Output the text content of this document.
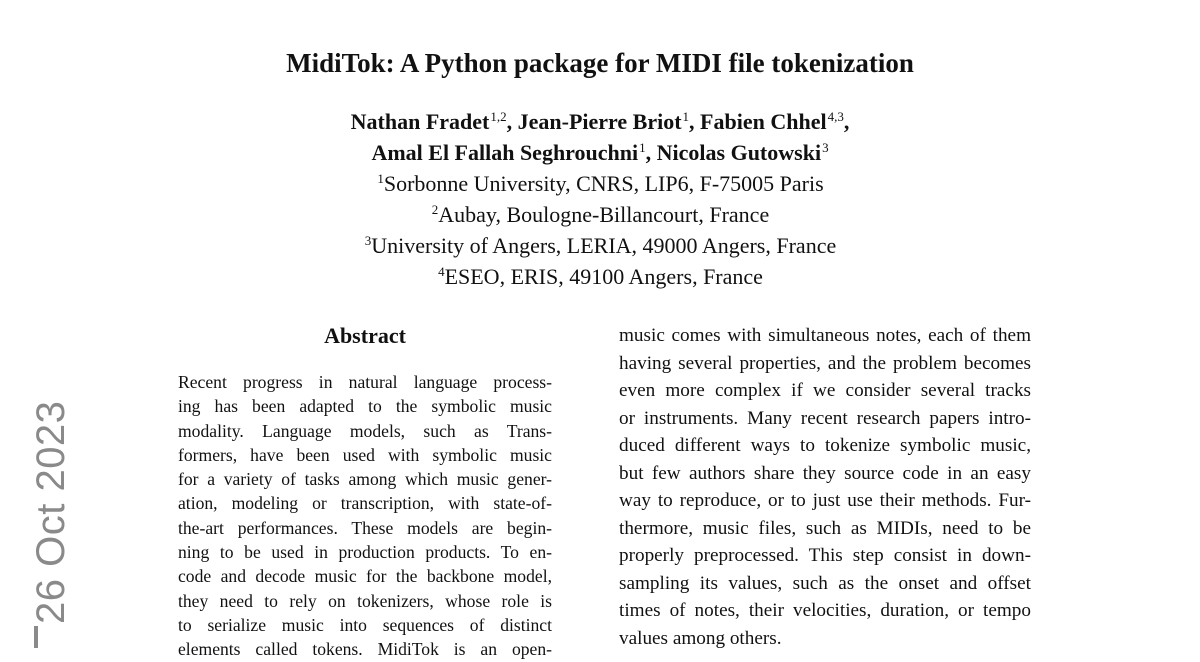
26 Oct 2023
MidiTok: A Python package for MIDI file tokenization
Nathan Fradet$^{1,2}$, Jean-Pierre Briot$^1$, Fabien Chhel$^{4,3}$,
Amal El Fallah Seghrouchni$^1$, Nicolas Gutowski$^3$
$^1$Sorbonne University, CNRS, LIP6, F-75005 Paris
$^2$Aubay, Boulogne-Billancourt, France
$^3$University of Angers, LERIA, 49000 Angers, France
$^4$ESEO, ERIS, 49100 Angers, France
Abstract
Recent progress in natural language process-
ing has been adapted to the symbolic music
modality. Language models, such as Trans-
formers, have been used with symbolic music
for a variety of tasks among which music gener-
ation, modeling or transcription, with state-of-
the-art performances. These models are begin-
ning to be used in production products. To en-
code and decode music for the backbone model,
they need to rely on tokenizers, whose role is
to serialize music into sequences of distinct
elements called tokens. MidiTok is an open-
music comes with simultaneous notes, each of them
having several properties, and the problem becomes
even more complex if we consider several tracks
or instruments. Many recent research papers intro-
duced different ways to tokenize symbolic music,
but few authors share they source code in an easy
way to reproduce, or to just use their methods. Fur-
thermore, music files, such as MIDIs, need to be
properly preprocessed. This step consist in down-
sampling its values, such as the onset and offset
times of notes, their velocities, duration, or tempo
values among others.
